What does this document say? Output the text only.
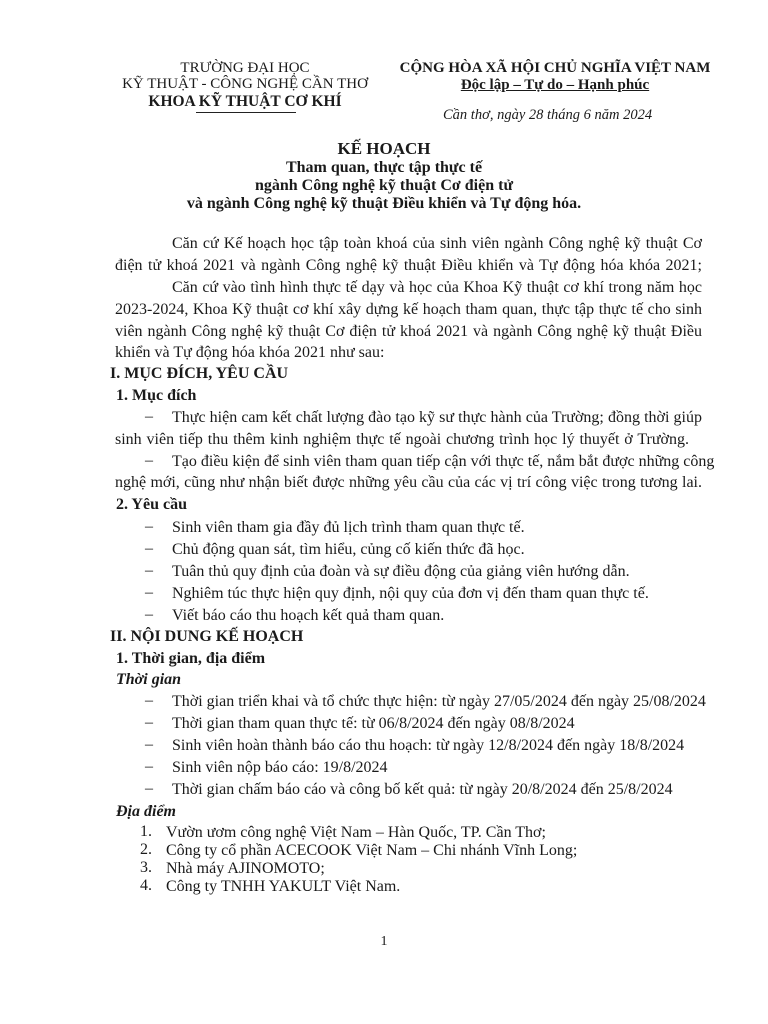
TRƯỜNG ĐẠI HỌC
KỸ THUẬT - CÔNG NGHỆ CẦN THƠ
KHOA KỸ THUẬT CƠ KHÍ
CỘNG HÒA XÃ HỘI CHỦ NGHĨA VIỆT NAM
Độc lập – Tự do – Hạnh phúc
Cần thơ, ngày 28 tháng 6 năm 2024
KẾ HOẠCH
Tham quan, thực tập thực tế
ngành Công nghệ kỹ thuật Cơ điện tử
và ngành Công nghệ kỹ thuật Điều khiển và Tự động hóa.
Căn cứ Kế hoạch học tập toàn khoá của sinh viên ngành Công nghệ kỹ thuật Cơ
điện tử khoá 2021 và ngành Công nghệ kỹ thuật Điều khiển và Tự động hóa khóa 2021;
Căn cứ vào tình hình thực tế dạy và học của Khoa Kỹ thuật cơ khí trong năm học
2023-2024, Khoa Kỹ thuật cơ khí xây dựng kế hoạch tham quan, thực tập thực tế cho sinh
viên ngành Công nghệ kỹ thuật Cơ điện tử khoá 2021 và ngành Công nghệ kỹ thuật Điều
khiển và Tự động hóa khóa 2021 như sau:
I. MỤC ĐÍCH, YÊU CẦU
1. Mục đích
– Thực hiện cam kết chất lượng đào tạo kỹ sư thực hành của Trường; đồng thời giúp
sinh viên tiếp thu thêm kinh nghiệm thực tế ngoài chương trình học lý thuyết ở Trường.
– Tạo điều kiện để sinh viên tham quan tiếp cận với thực tế, nắm bắt được những công
nghệ mới, cũng như nhận biết được những yêu cầu của các vị trí công việc trong tương lai.
2. Yêu cầu
– Sinh viên tham gia đầy đủ lịch trình tham quan thực tế.
– Chủ động quan sát, tìm hiểu, củng cố kiến thức đã học.
– Tuân thủ quy định của đoàn và sự điều động của giảng viên hướng dẫn.
– Nghiêm túc thực hiện quy định, nội quy của đơn vị đến tham quan thực tế.
– Viết báo cáo thu hoạch kết quả tham quan.
II. NỘI DUNG KẾ HOẠCH
1. Thời gian, địa điểm
Thời gian
– Thời gian triển khai và tổ chức thực hiện: từ ngày 27/05/2024 đến ngày 25/08/2024
– Thời gian tham quan thực tế: từ 06/8/2024 đến ngày 08/8/2024
– Sinh viên hoàn thành báo cáo thu hoạch: từ ngày 12/8/2024 đến ngày 18/8/2024
– Sinh viên nộp báo cáo: 19/8/2024
– Thời gian chấm báo cáo và công bố kết quả: từ ngày 20/8/2024 đến 25/8/2024
Địa điểm
1. Vườn ươm công nghệ Việt Nam – Hàn Quốc, TP. Cần Thơ;
2. Công ty cổ phần ACECOOK Việt Nam – Chi nhánh Vĩnh Long;
3. Nhà máy AJINOMOTO;
4. Công ty TNHH YAKULT Việt Nam.
1
